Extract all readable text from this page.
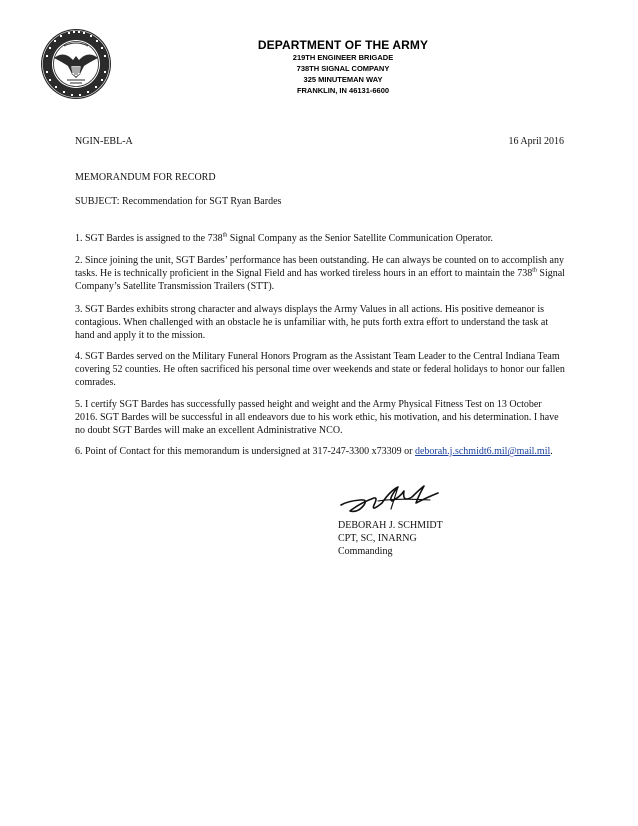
DEPARTMENT OF THE ARMY
219TH ENGINEER BRIGADE
738TH SIGNAL COMPANY
325 MINUTEMAN WAY
FRANKLIN, IN 46131-6600
NGIN-EBL-A	16 April 2016
MEMORANDUM FOR RECORD
SUBJECT: Recommendation for SGT Ryan Bardes
1. SGT Bardes is assigned to the 738th Signal Company as the Senior Satellite Communication Operator.
2. Since joining the unit, SGT Bardes’ performance has been outstanding. He can always be counted on to accomplish any tasks. He is technically proficient in the Signal Field and has worked tireless hours in an effort to maintain the 738th Signal Company’s Satellite Transmission Trailers (STT).
3. SGT Bardes exhibits strong character and always displays the Army Values in all actions. His positive demeanor is contagious. When challenged with an obstacle he is unfamiliar with, he puts forth extra effort to understand the task at hand and apply it to the mission.
4. SGT Bardes served on the Military Funeral Honors Program as the Assistant Team Leader to the Central Indiana Team covering 52 counties. He often sacrificed his personal time over weekends and state or federal holidays to honor our fallen comrades.
5. I certify SGT Bardes has successfully passed height and weight and the Army Physical Fitness Test on 13 October 2016. SGT Bardes will be successful in all endeavors due to his work ethic, his motivation, and his determination. I have no doubt SGT Bardes will make an excellent Administrative NCO.
6. Point of Contact for this memorandum is undersigned at 317-247-3300 x73309 or deborah.j.schmidt6.mil@mail.mil.
DEBORAH J. SCHMIDT
CPT, SC, INARNG
Commanding
